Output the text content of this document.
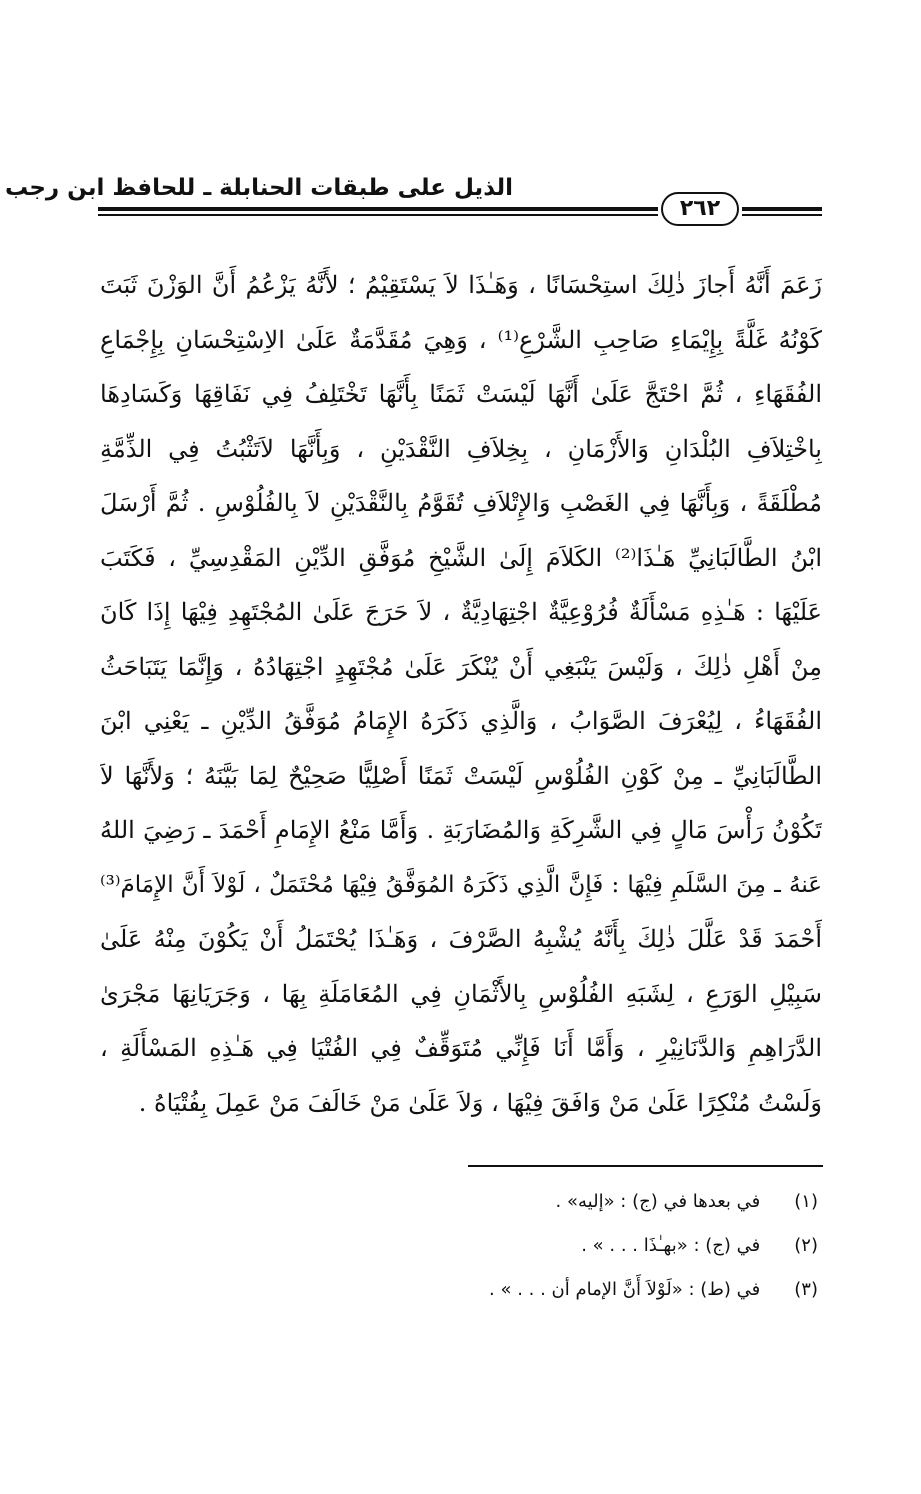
الذيل على طبقات الحنابلة ـ للحافظ ابن رجب
٢٦٢
زَعَمَ أَنَّهُ أَجازَ ذٰلِكَ استِحْسَانًا ، وَهَـٰذَا لاَ يَسْتَقِيْمُ ؛ لأَنَّهُ يَزْعُمُ أَنَّ الوَزْنَ ثَبَتَ
كَوْنُهُ غَلَّةً بِإِيْمَاءِ صَاحِبِ الشَّرْعِ⁽¹⁾ ، وَهِيَ مُقَدَّمَةٌ عَلَىٰ الاِسْتِحْسَانِ بِإِجْمَاعِ
الفُقَهَاءِ ، ثُمَّ احْتَجَّ عَلَىٰ أَنَّهَا لَيْسَتْ ثَمَنًا بِأَنَّهَا تَخْتَلِفُ فِي نَفَاقِهَا وَكَسَادِهَا
بِاخْتِلاَفِ البُلْدَانِ وَالأَزْمَانِ ، بِخِلاَفِ النَّقْدَيْنِ ، وَبِأَنَّهَا لاَتَثْبُتُ فِي الذِّمَّةِ
مُطْلَقَةً ، وَبِأَنَّهَا فِي الغَصْبِ وَالإِتْلاَفِ تُقَوَّمُ بِالنَّقْدَيْنِ لاَ بِالفُلُوْسِ . ثُمَّ أَرْسَلَ
ابْنُ الطَّالَبَانِيِّ هَـٰذَا⁽²⁾ الكَلاَمَ إِلَىٰ الشَّيْخِ مُوَفَّقِ الدِّيْنِ المَقْدِسِيِّ ، فَكَتَبَ
عَلَيْهَا : هَـٰذِهِ مَسْأَلَةٌ فُرُوْعِيَّةٌ اجْتِهَادِيَّةٌ ، لاَ حَرَجَ عَلَىٰ المُجْتَهِدِ فِيْهَا إِذَا كَانَ
مِنْ أَهْلِ ذٰلِكَ ، وَلَيْسَ يَنْبَغِي أَنْ يُنْكَرَ عَلَىٰ مُجْتَهِدٍ اجْتِهَادُهُ ، وَإِنَّمَا يَتَبَاحَثُ
الفُقَهَاءُ ، لِيُعْرَفَ الصَّوَابُ ، وَالَّذِي ذَكَرَهُ الإِمَامُ مُوَفَّقُ الدِّيْنِ ـ يَعْنِي ابْنَ
الطَّالَبَانِيِّ ـ مِنْ كَوْنِ الفُلُوْسِ لَيْسَتْ ثَمَنًا أَصْلِيًّا صَحِيْحٌ لِمَا بَيَّنَهُ ؛ وَلأَنَّهَا لاَ
تَكُوْنُ رَأْسَ مَالٍ فِي الشَّرِكَةِ وَالمُضَارَبَةِ . وَأَمَّا مَنْعُ الإِمَامِ أَحْمَدَ ـ رَضِيَ اللهُ
عَنهُ ـ مِنَ السَّلَمِ فِيْهَا : فَإِنَّ الَّذِي ذَكَرَهُ المُوَفَّقُ فِيْهَا مُحْتَمَلٌ ، لَوْلاَ أَنَّ الإِمَامَ⁽³⁾
أَحْمَدَ قَدْ عَلَّلَ ذٰلِكَ بِأَنَّهُ يُشْبِهُ الصَّرْفَ ، وَهَـٰذَا يُحْتَمَلُ أَنْ يَكُوْنَ مِنْهُ عَلَىٰ
سَبِيْلِ الوَرَعِ ، لِشَبَهِ الفُلُوْسِ بِالأَثْمَانِ فِي المُعَامَلَةِ بِهَا ، وَجَرَيَانِهَا مَجْرَىٰ
الدَّرَاهِمِ وَالدَّنَانِيْرِ ، وَأَمَّا أَنَا فَإِنِّي مُتَوَقِّفٌ فِي الفُتْيَا فِي هَـٰذِهِ المَسْأَلَةِ ،
وَلَسْتُ مُنْكِرًا عَلَىٰ مَنْ وَافَقَ فِيْهَا ، وَلاَ عَلَىٰ مَنْ خَالَفَ مَنْ عَمِلَ بِفُتْيَاهُ .
(١) في بعدها في (ج) : «إليه» .
(٢) في (ج) : «بهـٰذَا . . . » .
(٣) في (ط) : «لَوْلاَ أَنَّ الإمام أن . . . » .
